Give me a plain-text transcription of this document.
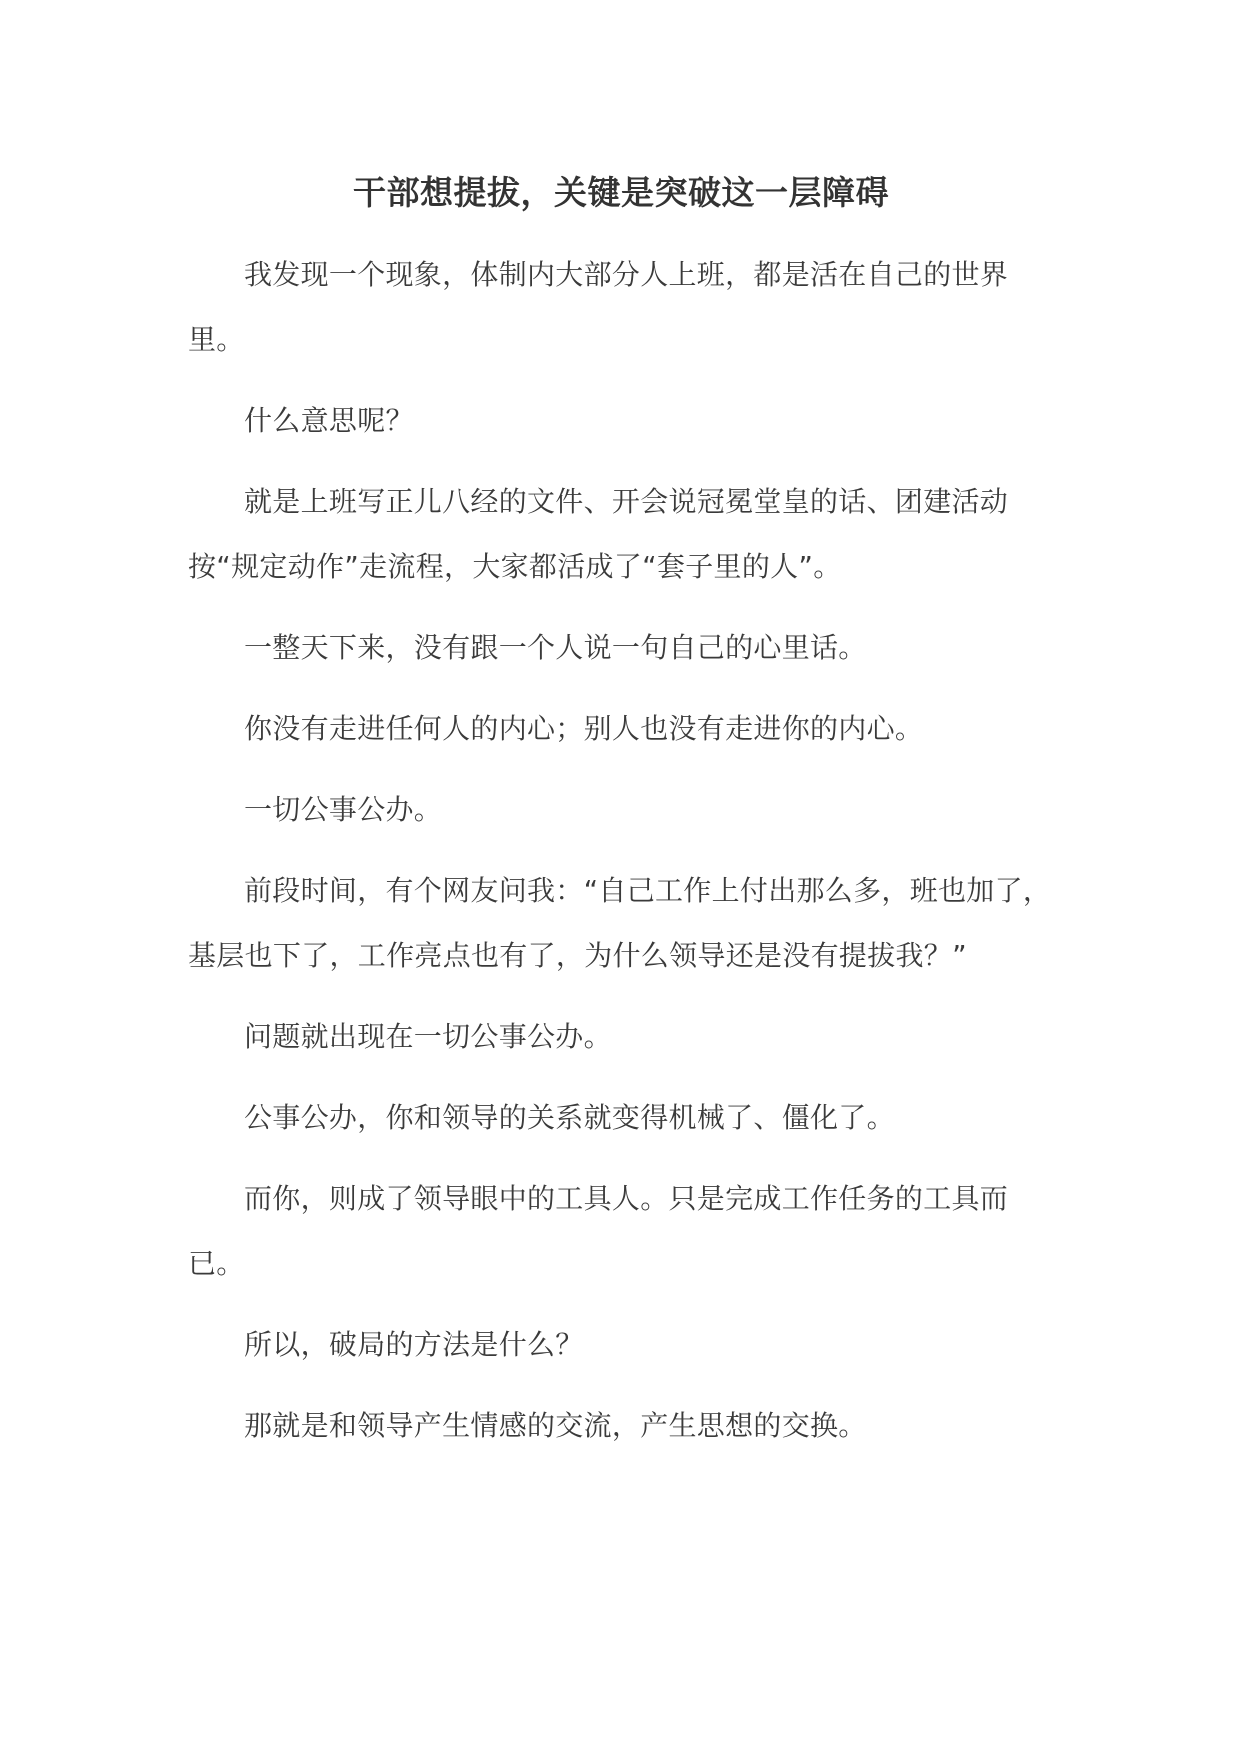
干部想提拔，关键是突破这一层障碍

我发现一个现象，体制内大部分人上班，都是活在自己的世界里。

什么意思呢？

就是上班写正儿八经的文件、开会说冠冕堂皇的话、团建活动按“规定动作”走流程，大家都活成了“套子里的人”。

一整天下来，没有跟一个人说一句自己的心里话。

你没有走进任何人的内心；别人也没有走进你的内心。

一切公事公办。

前段时间，有个网友问我：“自己工作上付出那么多，班也加了，基层也下了，工作亮点也有了，为什么领导还是没有提拔我？”

问题就出现在一切公事公办。

公事公办，你和领导的关系就变得机械了、僵化了。

而你，则成了领导眼中的工具人。只是完成工作任务的工具而已。

所以，破局的方法是什么？

那就是和领导产生情感的交流，产生思想的交换。
